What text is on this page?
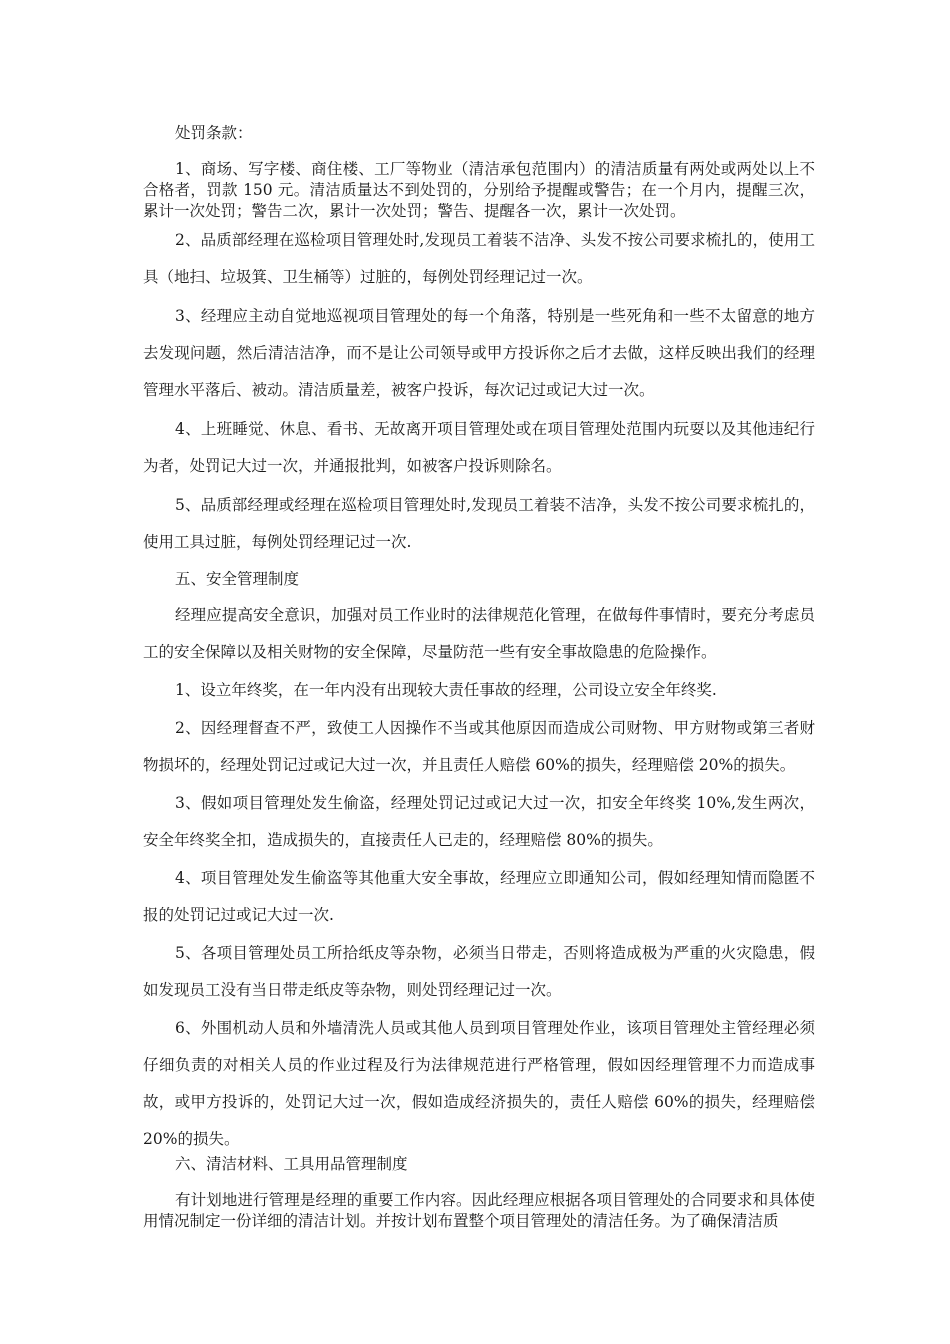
处罚条款：

1、商场、写字楼、商住楼、工厂等物业（清洁承包范围内）的清洁质量有两处或两处以上不合格者，罚款 150 元。清洁质量达不到处罚的，分别给予提醒或警告；在一个月内，提醒三次，累计一次处罚；警告二次，累计一次处罚；警告、提醒各一次，累计一次处罚。

2、品质部经理在巡检项目管理处时,发现员工着装不洁净、头发不按公司要求梳扎的，使用工具（地扫、垃圾箕、卫生桶等）过脏的，每例处罚经理记过一次。

3、经理应主动自觉地巡视项目管理处的每一个角落，特别是一些死角和一些不太留意的地方去发现问题，然后清洁洁净，而不是让公司领导或甲方投诉你之后才去做，这样反映出我们的经理管理水平落后、被动。清洁质量差，被客户投诉，每次记过或记大过一次。

4、上班睡觉、休息、看书、无故离开项目管理处或在项目管理处范围内玩耍以及其他违纪行为者，处罚记大过一次，并通报批判，如被客户投诉则除名。

5、品质部经理或经理在巡检项目管理处时,发现员工着装不洁净，头发不按公司要求梳扎的，使用工具过脏，每例处罚经理记过一次.

五、安全管理制度

经理应提高安全意识，加强对员工作业时的法律规范化管理，在做每件事情时，要充分考虑员工的安全保障以及相关财物的安全保障，尽量防范一些有安全事故隐患的危险操作。

1、设立年终奖，在一年内没有出现较大责任事故的经理，公司设立安全年终奖.

2、因经理督查不严，致使工人因操作不当或其他原因而造成公司财物、甲方财物或第三者财物损坏的，经理处罚记过或记大过一次，并且责任人赔偿 60%的损失，经理赔偿 20%的损失。

3、假如项目管理处发生偷盗，经理处罚记过或记大过一次，扣安全年终奖 10%,发生两次，安全年终奖全扣，造成损失的，直接责任人已走的，经理赔偿 80%的损失。

4、项目管理处发生偷盗等其他重大安全事故，经理应立即通知公司，假如经理知情而隐匿不报的处罚记过或记大过一次.

5、各项目管理处员工所拾纸皮等杂物，必须当日带走，否则将造成极为严重的火灾隐患，假如发现员工没有当日带走纸皮等杂物，则处罚经理记过一次。

6、外围机动人员和外墙清洗人员或其他人员到项目管理处作业，该项目管理处主管经理必须仔细负责的对相关人员的作业过程及行为法律规范进行严格管理，假如因经理管理不力而造成事故，或甲方投诉的，处罚记大过一次，假如造成经济损失的，责任人赔偿 60%的损失，经理赔偿 20%的损失。

六、清洁材料、工具用品管理制度

有计划地进行管理是经理的重要工作内容。因此经理应根据各项目管理处的合同要求和具体使用情况制定一份详细的清洁计划。并按计划布置整个项目管理处的清洁任务。为了确保清洁质
